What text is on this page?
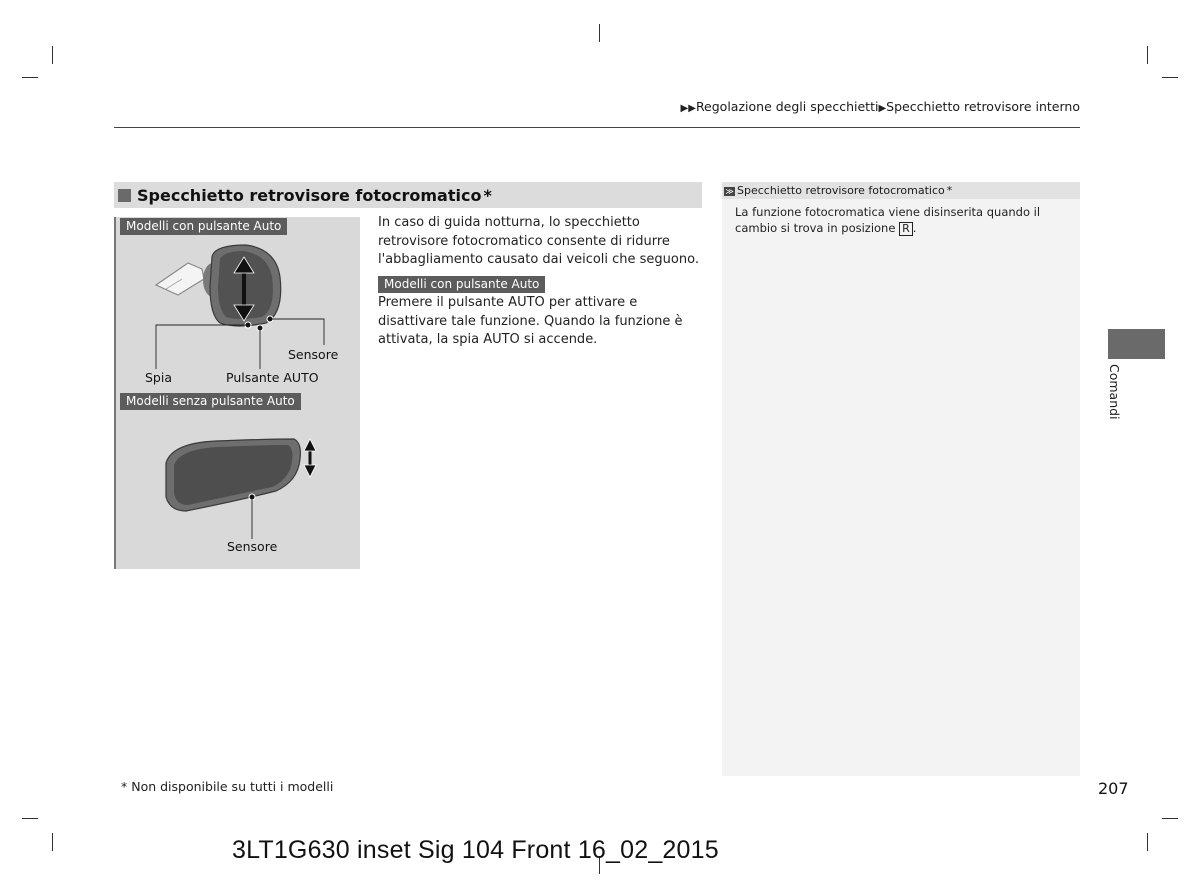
▶▶Regolazione degli specchietti▶Specchietto retrovisore interno
Specchietto retrovisore fotocromatico *
Modelli con pulsante Auto
Sensore
Spia	Pulsante AUTO
Modelli senza pulsante Auto
Sensore
In caso di guida notturna, lo specchietto retrovisore fotocromatico consente di ridurre l'abbagliamento causato dai veicoli che seguono.
Modelli con pulsante Auto
Premere il pulsante AUTO per attivare e disattivare tale funzione. Quando la funzione è attivata, la spia AUTO si accende.
≫ Specchietto retrovisore fotocromatico *
La funzione fotocromatica viene disinserita quando il cambio si trova in posizione R .
Comandi
* Non disponibile su tutti i modelli	207
3LT1G630 inset Sig 104 Front 16_02_2015
